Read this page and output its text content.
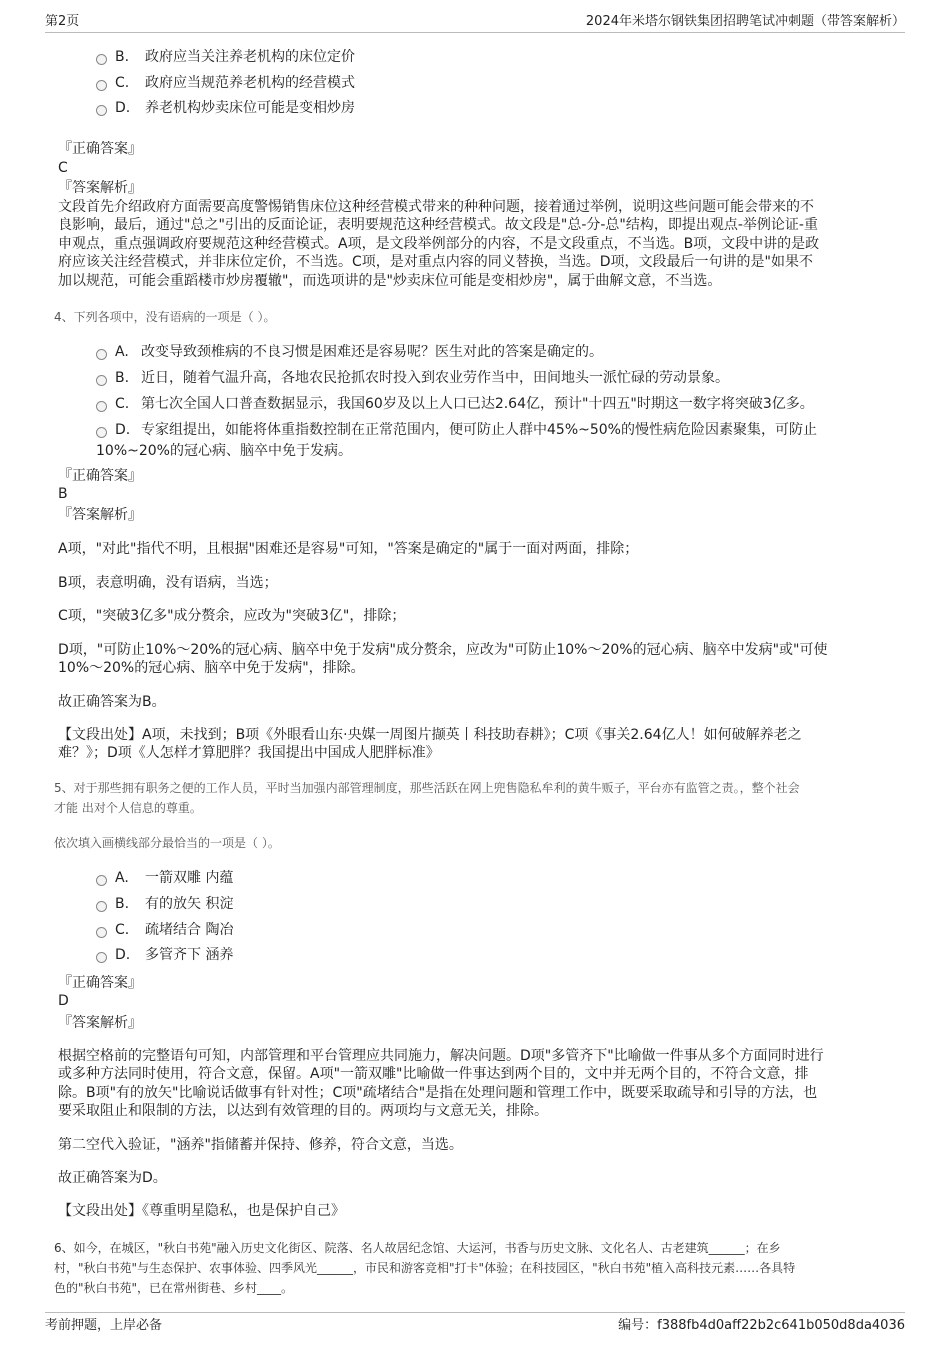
第2页	2024年米塔尔钢铁集团招聘笔试冲刺题（带答案解析）
B. 政府应当关注养老机构的床位定价
C. 政府应当规范养老机构的经营模式
D. 养老机构炒卖床位可能是变相炒房
『正确答案』
C
『答案解析』
文段首先介绍政府方面需要高度警惕销售床位这种经营模式带来的种种问题，接着通过举例，说明这些问题可能会带来的不
良影响，最后，通过"总之"引出的反面论证，表明要规范这种经营模式。故文段是"总-分-总"结构，即提出观点-举例论证-重
申观点，重点强调政府要规范这种经营模式。A项，是文段举例部分的内容，不是文段重点，不当选。B项，文段中讲的是政
府应该关注经营模式，并非床位定价，不当选。C项，是对重点内容的同义替换，当选。D项，文段最后一句讲的是"如果不
加以规范，可能会重蹈楼市炒房覆辙"，而选项讲的是"炒卖床位可能是变相炒房"，属于曲解文意，不当选。
4、下列各项中，没有语病的一项是（ ）。
A. 改变导致颈椎病的不良习惯是困难还是容易呢？医生对此的答案是确定的。
B. 近日，随着气温升高，各地农民抢抓农时投入到农业劳作当中，田间地头一派忙碌的劳动景象。
C. 第七次全国人口普查数据显示，我国60岁及以上人口已达2.64亿，预计"十四五"时期这一数字将突破3亿多。
D. 专家组提出，如能将体重指数控制在正常范围内，便可防止人群中45%~50%的慢性病危险因素聚集，可防止
10%~20%的冠心病、脑卒中免于发病。
『正确答案』
B
『答案解析』
A项，"对此"指代不明，且根据"困难还是容易"可知，"答案是确定的"属于一面对两面，排除；
B项，表意明确，没有语病，当选；
C项，"突破3亿多"成分赘余，应改为"突破3亿"，排除；
D项，"可防止10%～20%的冠心病、脑卒中免于发病"成分赘余，应改为"可防止10%～20%的冠心病、脑卒中发病"或"可使
10%～20%的冠心病、脑卒中免于发病"，排除。
故正确答案为B。
【文段出处】A项，未找到；B项《外眼看山东·央媒一周图片撷英丨科技助春耕》；C项《事关2.64亿人！如何破解养老之
难？》；D项《人怎样才算肥胖？我国提出中国成人肥胖标准》
5、对于那些拥有职务之便的工作人员，平时当加强内部管理制度，那些活跃在网上兜售隐私牟利的黄牛贩子，平台亦有监管之责。，整个社会
才能 出对个人信息的尊重。
依次填入画横线部分最恰当的一项是（ ）。
A. 一箭双雕 内蕴
B. 有的放矢 积淀
C. 疏堵结合 陶冶
D. 多管齐下 涵养
『正确答案』
D
『答案解析』
根据空格前的完整语句可知，内部管理和平台管理应共同施力，解决问题。D项"多管齐下"比喻做一件事从多个方面同时进行
或多种方法同时使用，符合文意，保留。A项"一箭双雕"比喻做一件事达到两个目的，文中并无两个目的，不符合文意，排
除。B项"有的放矢"比喻说话做事有针对性；C项"疏堵结合"是指在处理问题和管理工作中，既要采取疏导和引导的方法，也
要采取阻止和限制的方法，以达到有效管理的目的。两项均与文意无关，排除。
第二空代入验证，"涵养"指储蓄并保持、修养，符合文意，当选。
故正确答案为D。
【文段出处】《尊重明星隐私，也是保护自己》
6、如今，在城区，"秋白书苑"融入历史文化街区、院落、名人故居纪念馆、大运河，书香与历史文脉、文化名人、古老建筑______；在乡
村，"秋白书苑"与生态保护、农事体验、四季风光______，市民和游客竞相"打卡"体验；在科技园区，"秋白书苑"植入高科技元素……各具特
色的"秋白书苑"，已在常州街巷、乡村____。
考前押题，上岸必备	编号：f388fb4d0aff22b2c641b050d8da4036
